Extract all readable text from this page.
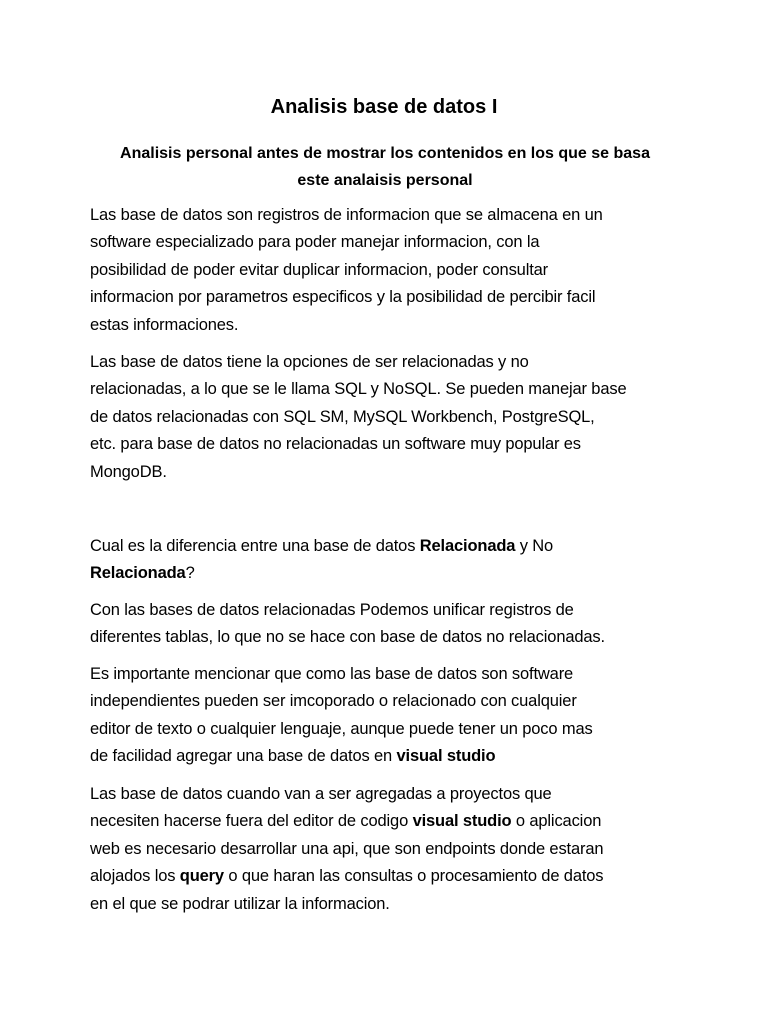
Analisis base de datos I
Analisis personal antes de mostrar los contenidos en los que se basa
este analaisis personal
Las base de datos son registros de informacion que se almacena en un
software especializado para poder manejar informacion, con la
posibilidad de poder evitar duplicar informacion, poder consultar
informacion por parametros especificos y la posibilidad de percibir facil
estas informaciones.
Las base de datos tiene la opciones de ser relacionadas y no
relacionadas, a lo que se le llama SQL y NoSQL. Se pueden manejar base
de datos relacionadas con SQL SM, MySQL Workbench, PostgreSQL,
etc. para base de datos no relacionadas un software muy popular es
MongoDB.
Cual es la diferencia entre una base de datos Relacionada y No
Relacionada?
Con las bases de datos relacionadas Podemos unificar registros de
diferentes tablas, lo que no se hace con base de datos no relacionadas.
Es importante mencionar que como las base de datos son software
independientes pueden ser imcoporado o relacionado con cualquier
editor de texto o cualquier lenguaje, aunque puede tener un poco mas
de facilidad agregar una base de datos en visual studio
Las base de datos cuando van a ser agregadas a proyectos que
necesiten hacerse fuera del editor de codigo visual studio o aplicacion
web es necesario desarrollar una api, que son endpoints donde estaran
alojados los query o que haran las consultas o procesamiento de datos
en el que se podrar utilizar la informacion.
